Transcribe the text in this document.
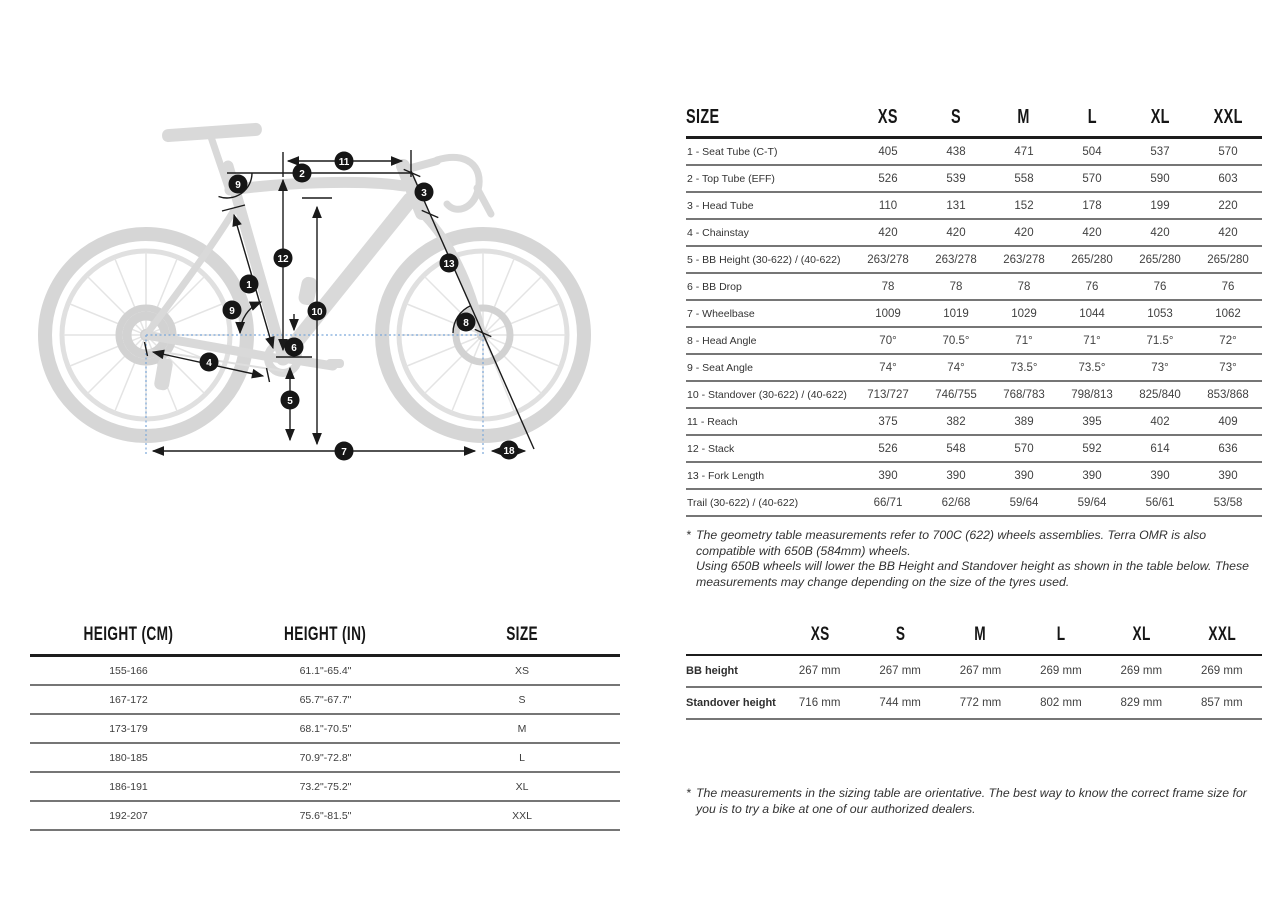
1
2
3
4
5
6
7
8
9
9	10
11
12	13
18
SIZE	XS	S	M	L	XL	XXL
1 - Seat Tube (C-T)	405	438	471	504	537	570
2 - Top Tube (EFF)	526	539	558	570	590	603
3 - Head Tube	110	131	152	178	199	220
4 - Chainstay	420	420	420	420	420	420
5 - BB Height (30-622) / (40-622)	263/278	263/278	263/278	265/280	265/280	265/280
6 - BB Drop	78	78	78	76	76	76
7 - Wheelbase	1009	1019	1029	1044	1053	1062
8 - Head Angle	70°	70.5°	71°	71°	71.5°	72°
9 - Seat Angle	74°	74°	73.5°	73.5°	73°	73°
10 - Standover (30-622) / (40-622)	713/727	746/755	768/783	798/813	825/840	853/868
11 - Reach	375	382	389	395	402	409
12 - Stack	526	548	570	592	614	636
13 - Fork Length	390	390	390	390	390	390
Trail (30-622) / (40-622)	66/71	62/68	59/64	59/64	56/61	53/58
* The geometry table measurements refer to 700C (622) wheels assemblies. Terra OMR is also compatible with 650B (584mm) wheels.

Using 650B wheels will lower the BB Height and Standover height as shown in the table below. These measurements may change depending on the size of the tyres used.

HEIGHT (CM)	HEIGHT (IN)	SIZE
155-166	61.1"-65.4"	XS
167-172	65.7"-67.7"	S
173-179	68.1"-70.5"	M
180-185	70.9"-72.8"	L
186-191	73.2"-75.2"	XL
192-207	75.6"-81.5"	XXL
	XS	S	M	L	XL	XXL
BB height	267 mm	267 mm	267 mm	269 mm	269 mm	269 mm
Standover height	716 mm	744 mm	772 mm	802 mm	829 mm	857 mm
* The measurements in the sizing table are orientative. The best way to know the correct frame size for you is to try a bike at one of our authorized dealers.
